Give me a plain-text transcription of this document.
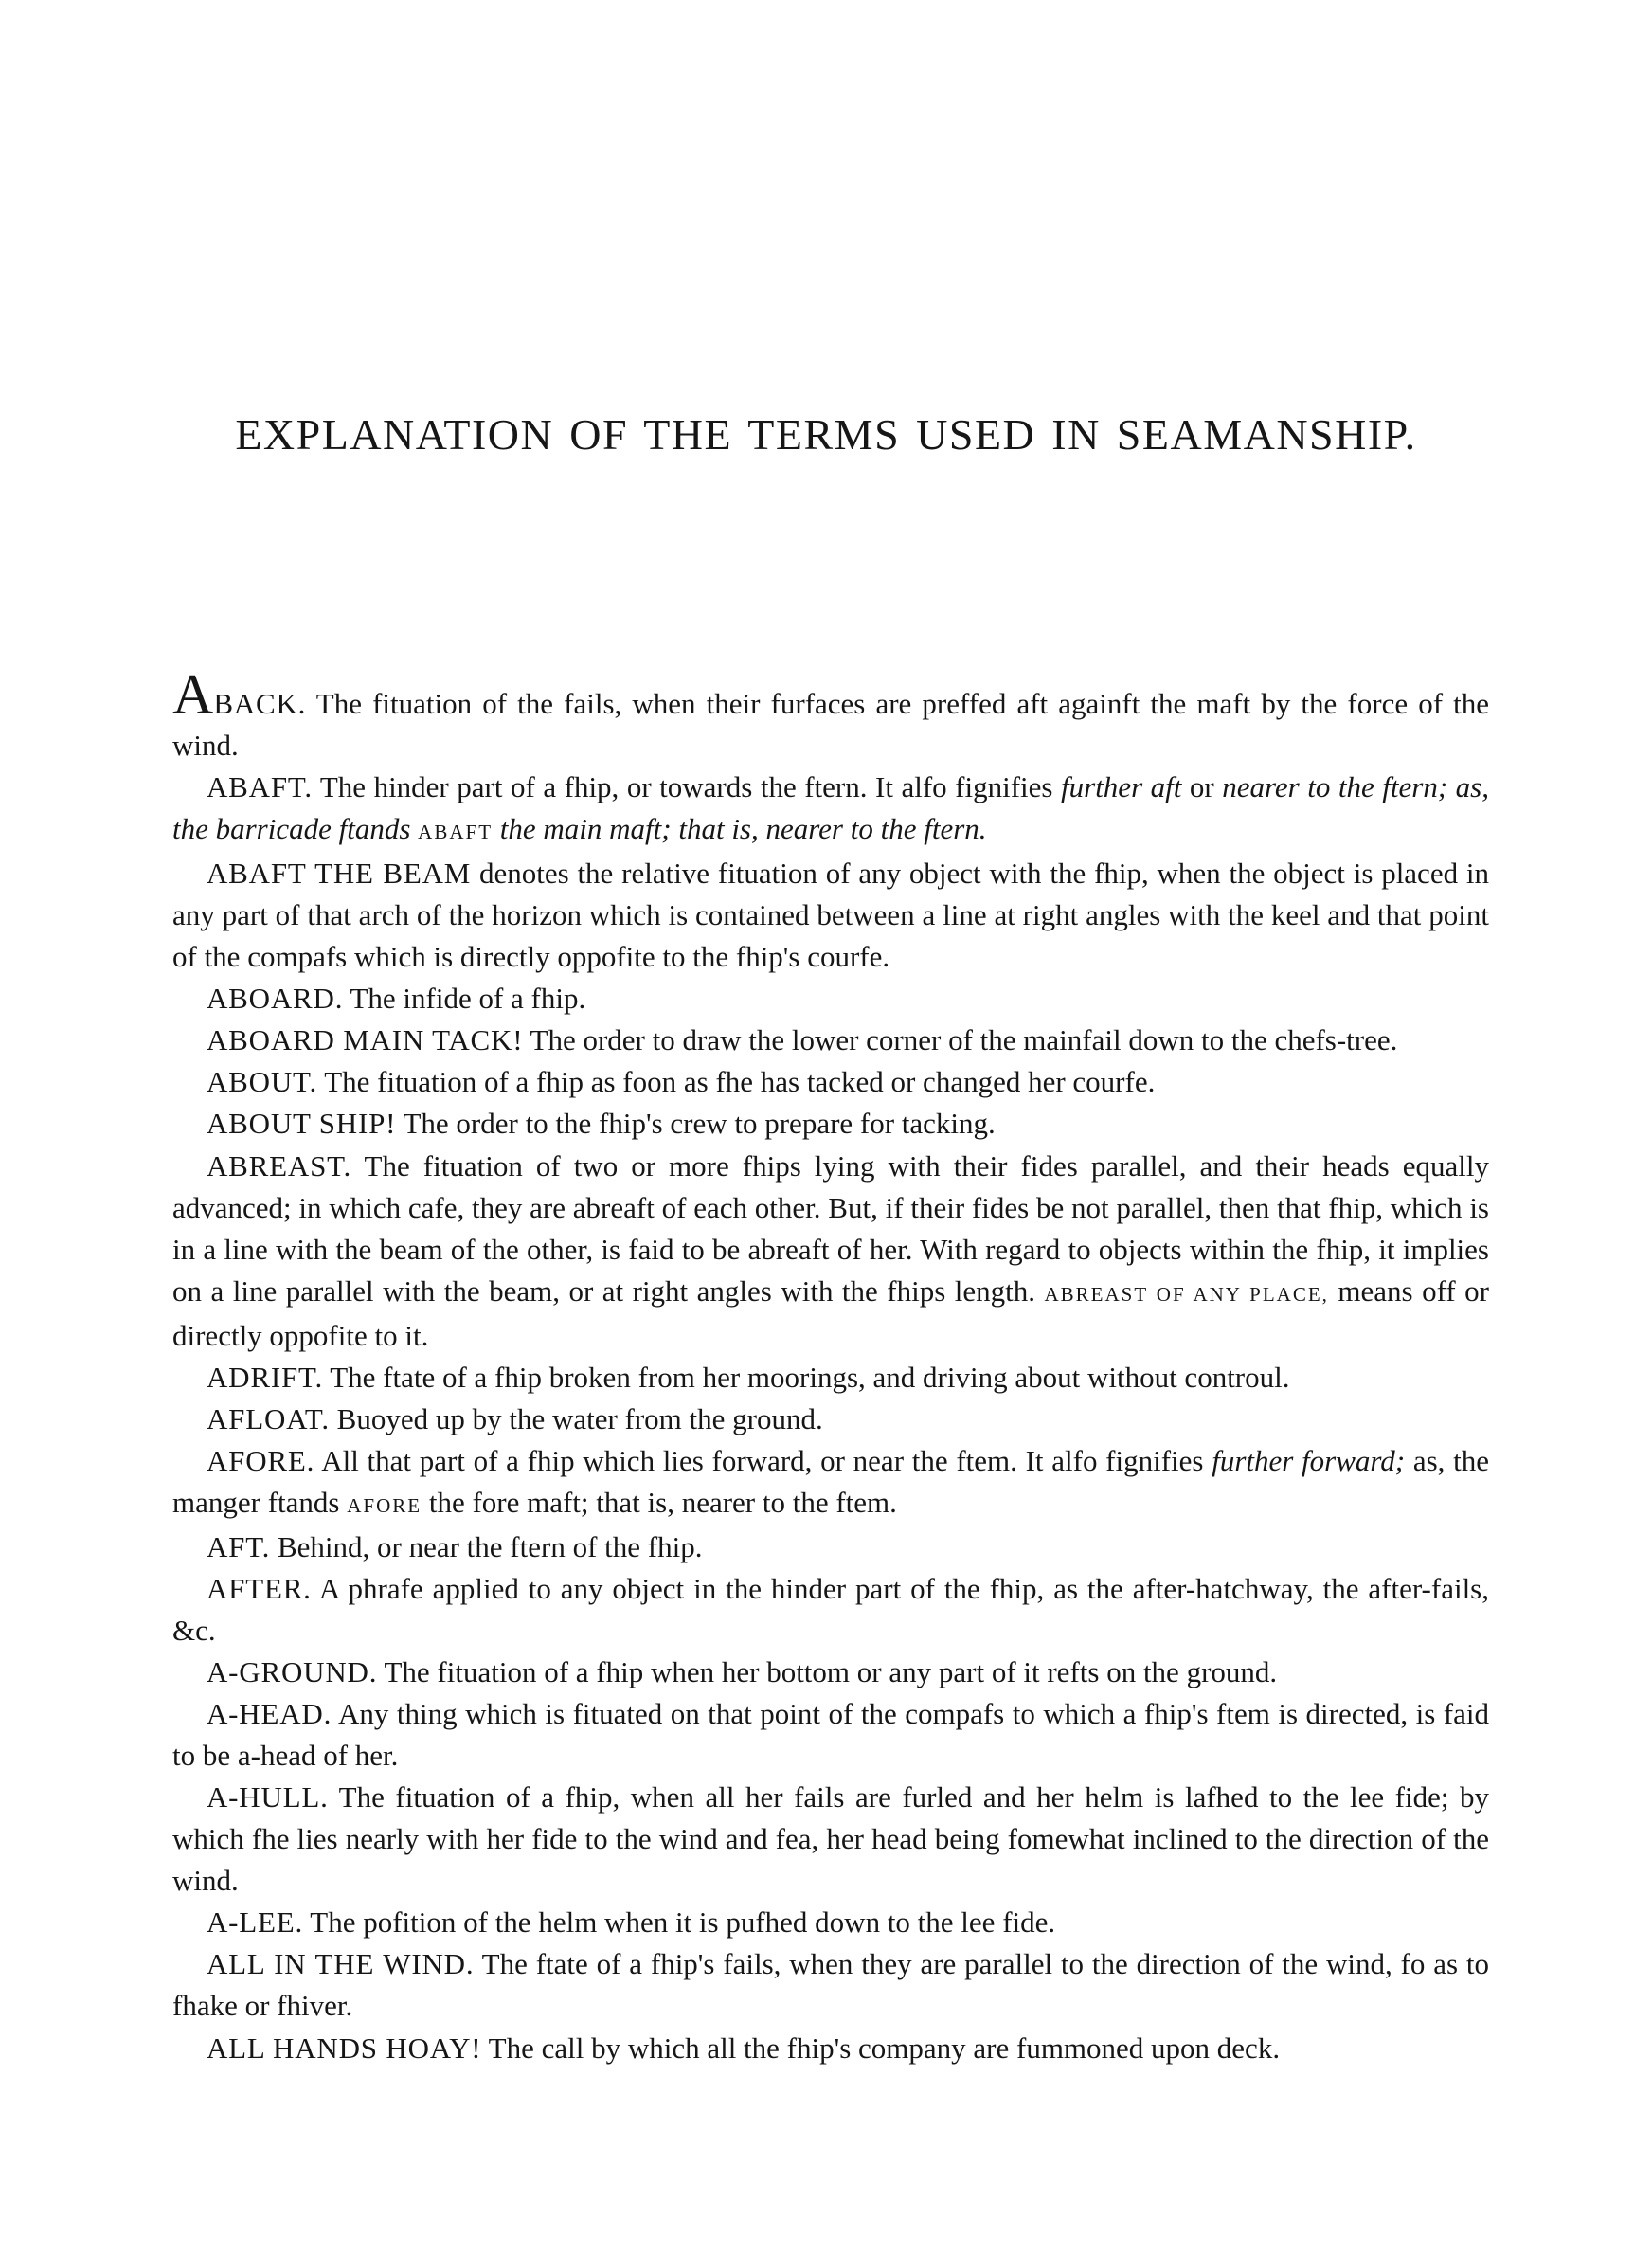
EXPLANATION OF THE TERMS USED IN SEAMANSHIP.

ABACK. The fituation of the fails, when their furfaces are preffed aft againft the maft by the force of the wind.

ABAFT. The hinder part of a fhip, or towards the ftern. It alfo fignifies further aft or nearer to the ftern; as, the barricade ftands ABAFT the main maft; that is, nearer to the ftern.

ABAFT THE BEAM denotes the relative fituation of any object with the fhip, when the object is placed in any part of that arch of the horizon which is contained between a line at right angles with the keel and that point of the compafs which is directly oppofite to the fhip's courfe.

ABOARD. The infide of a fhip.

ABOARD MAIN TACK! The order to draw the lower corner of the mainfail down to the chefs-tree.

ABOUT. The fituation of a fhip as foon as fhe has tacked or changed her courfe.

ABOUT SHIP! The order to the fhip's crew to prepare for tacking.

ABREAST. The fituation of two or more fhips lying with their fides parallel, and their heads equally advanced; in which cafe, they are abreaft of each other. But, if their fides be not parallel, then that fhip, which is in a line with the beam of the other, is faid to be abreaft of her. With regard to objects within the fhip, it implies on a line parallel with the beam, or at right angles with the fhips length. ABREAST OF ANY PLACE, means off or directly oppofite to it.

ADRIFT. The ftate of a fhip broken from her moorings, and driving about without controul.

AFLOAT. Buoyed up by the water from the ground.

AFORE. All that part of a fhip which lies forward, or near the ftem. It alfo fignifies further forward; as, the manger ftands AFORE the fore maft; that is, nearer to the ftem.

AFT. Behind, or near the ftern of the fhip.

AFTER. A phrafe applied to any object in the hinder part of the fhip, as the after-hatchway, the after-fails, &c.

A-GROUND. The fituation of a fhip when her bottom or any part of it refts on the ground.

A-HEAD. Any thing which is fituated on that point of the compafs to which a fhip's ftem is directed, is faid to be a-head of her.

A-HULL. The fituation of a fhip, when all her fails are furled and her helm is lafhed to the lee fide; by which fhe lies nearly with her fide to the wind and fea, her head being fomewhat inclined to the direction of the wind.

A-LEE. The pofition of the helm when it is pufhed down to the lee fide.

ALL IN THE WIND. The ftate of a fhip's fails, when they are parallel to the direction of the wind, fo as to fhake or fhiver.

ALL HANDS HOAY! The call by which all the fhip's company are fummoned upon deck.
